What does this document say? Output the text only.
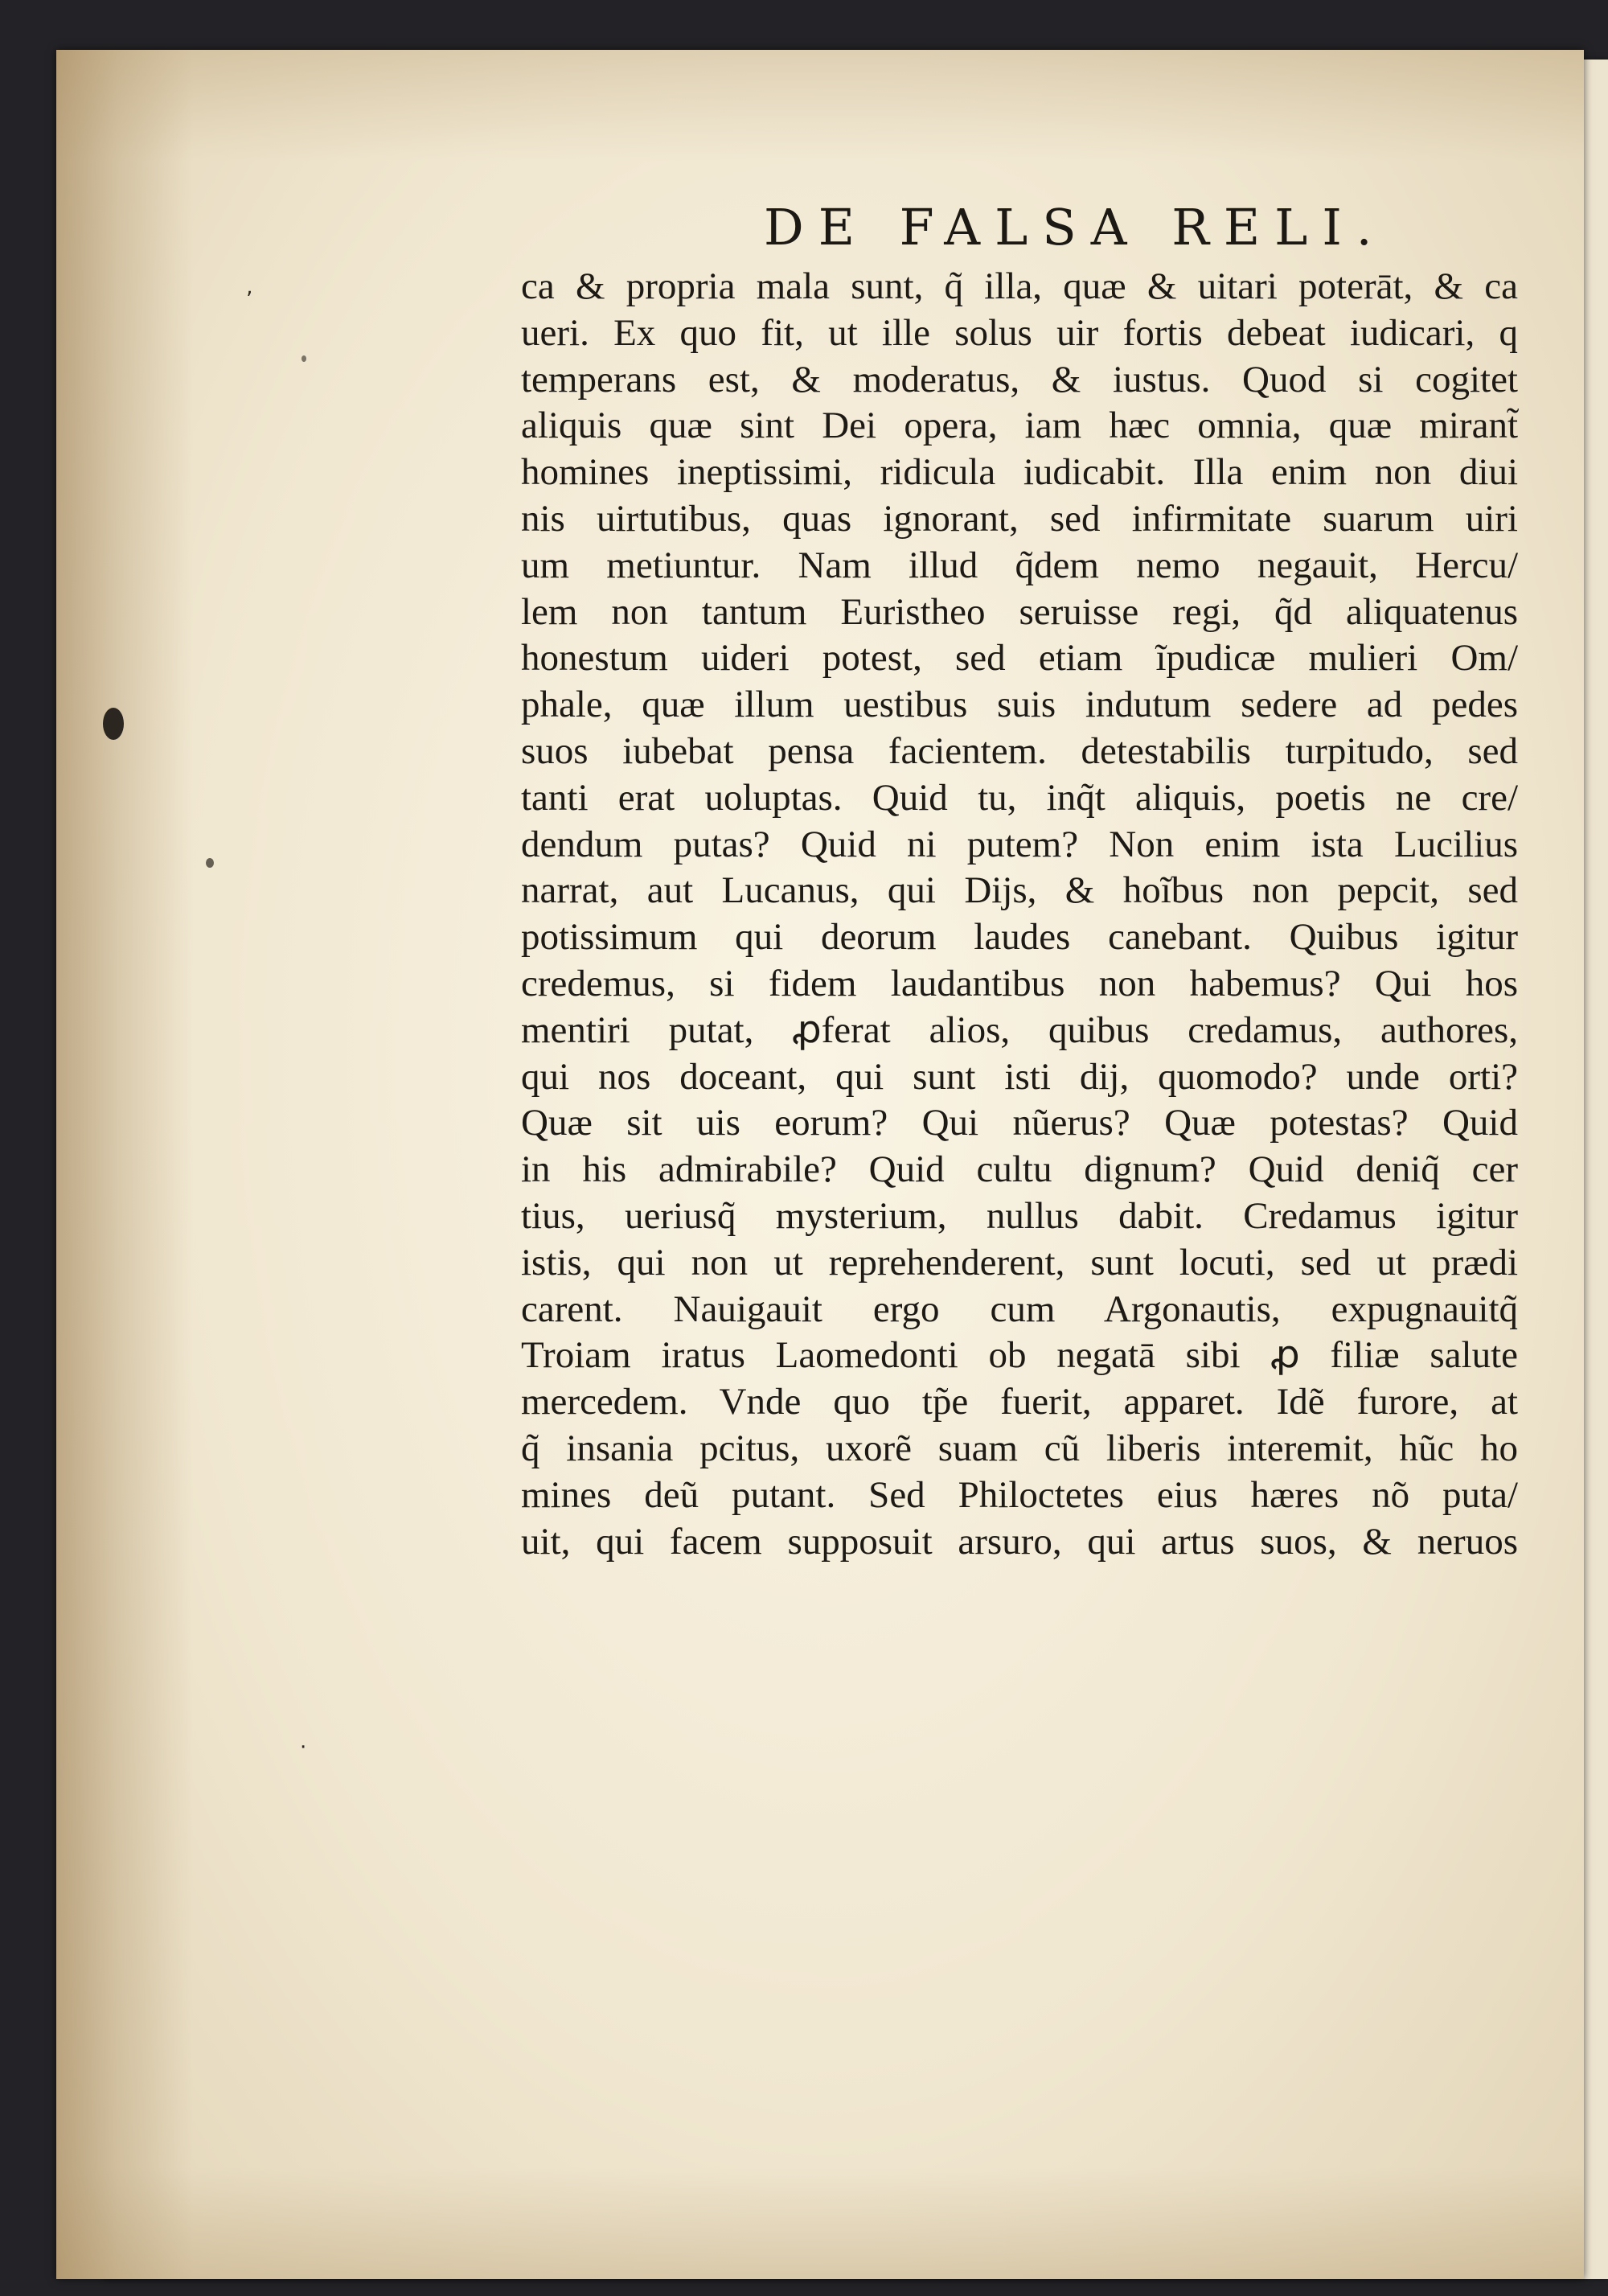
DE FALSA RELI.
ca & propria mala sunt, q̃ illa, quæ & uitari poterāt, & ca
ueri. Ex quo fit, ut ille solus uir fortis debeat iudicari, q
temperans est, & moderatus, & iustus. Quod si cogitet
aliquis quæ sint Dei opera, iam hæc omnia, quæ mirant̃
homines ineptissimi, ridicula iudicabit. Illa enim non diui
nis uirtutibus, quas ignorant, sed infirmitate suarum uiri
um metiuntur. Nam illud q̃dem nemo negauit, Hercu/
lem non tantum Euristheo seruisse regi, q̃d aliquatenus
honestum uideri potest, sed etiam ĩpudicæ mulieri Om/
phale, quæ illum uestibus suis indutum sedere ad pedes
suos iubebat pensa facientem. detestabilis turpitudo, sed
tanti erat uoluptas. Quid tu, inq̃t aliquis, poetis ne cre/
dendum putas? Quid ni putem? Non enim ista Lucilius
narrat, aut Lucanus, qui Dijs, & hoĩbus non pepcit, sed
potissimum qui deorum laudes canebant. Quibus igitur
credemus, si fidem laudantibus non habemus? Qui hos
mentiri putat, ꝓferat alios, quibus credamus, authores,
qui nos doceant, qui sunt isti dij, quomodo? unde orti?
Quæ sit uis eorum? Qui nũerus? Quæ potestas? Quid
in his admirabile? Quid cultu dignum? Quid deniq̃ cer
tius, ueriusq̃ mysterium, nullus dabit. Credamus igitur
istis, qui non ut reprehenderent, sunt locuti, sed ut prædi
carent. Nauigauit ergo cum Argonautis, expugnauitq̃
Troiam iratus Laomedonti ob negatā sibi ꝓ filiæ salute
mercedem. Vnde quo tp̃e fuerit, apparet. Idẽ furore, at
q̃ insania pcitus, uxorẽ suam cũ liberis interemit, hũc ho
mines deũ putant. Sed Philoctetes eius hæres nõ puta/
uit, qui facem supposuit arsuro, qui artus suos, & neruos
‚
·
